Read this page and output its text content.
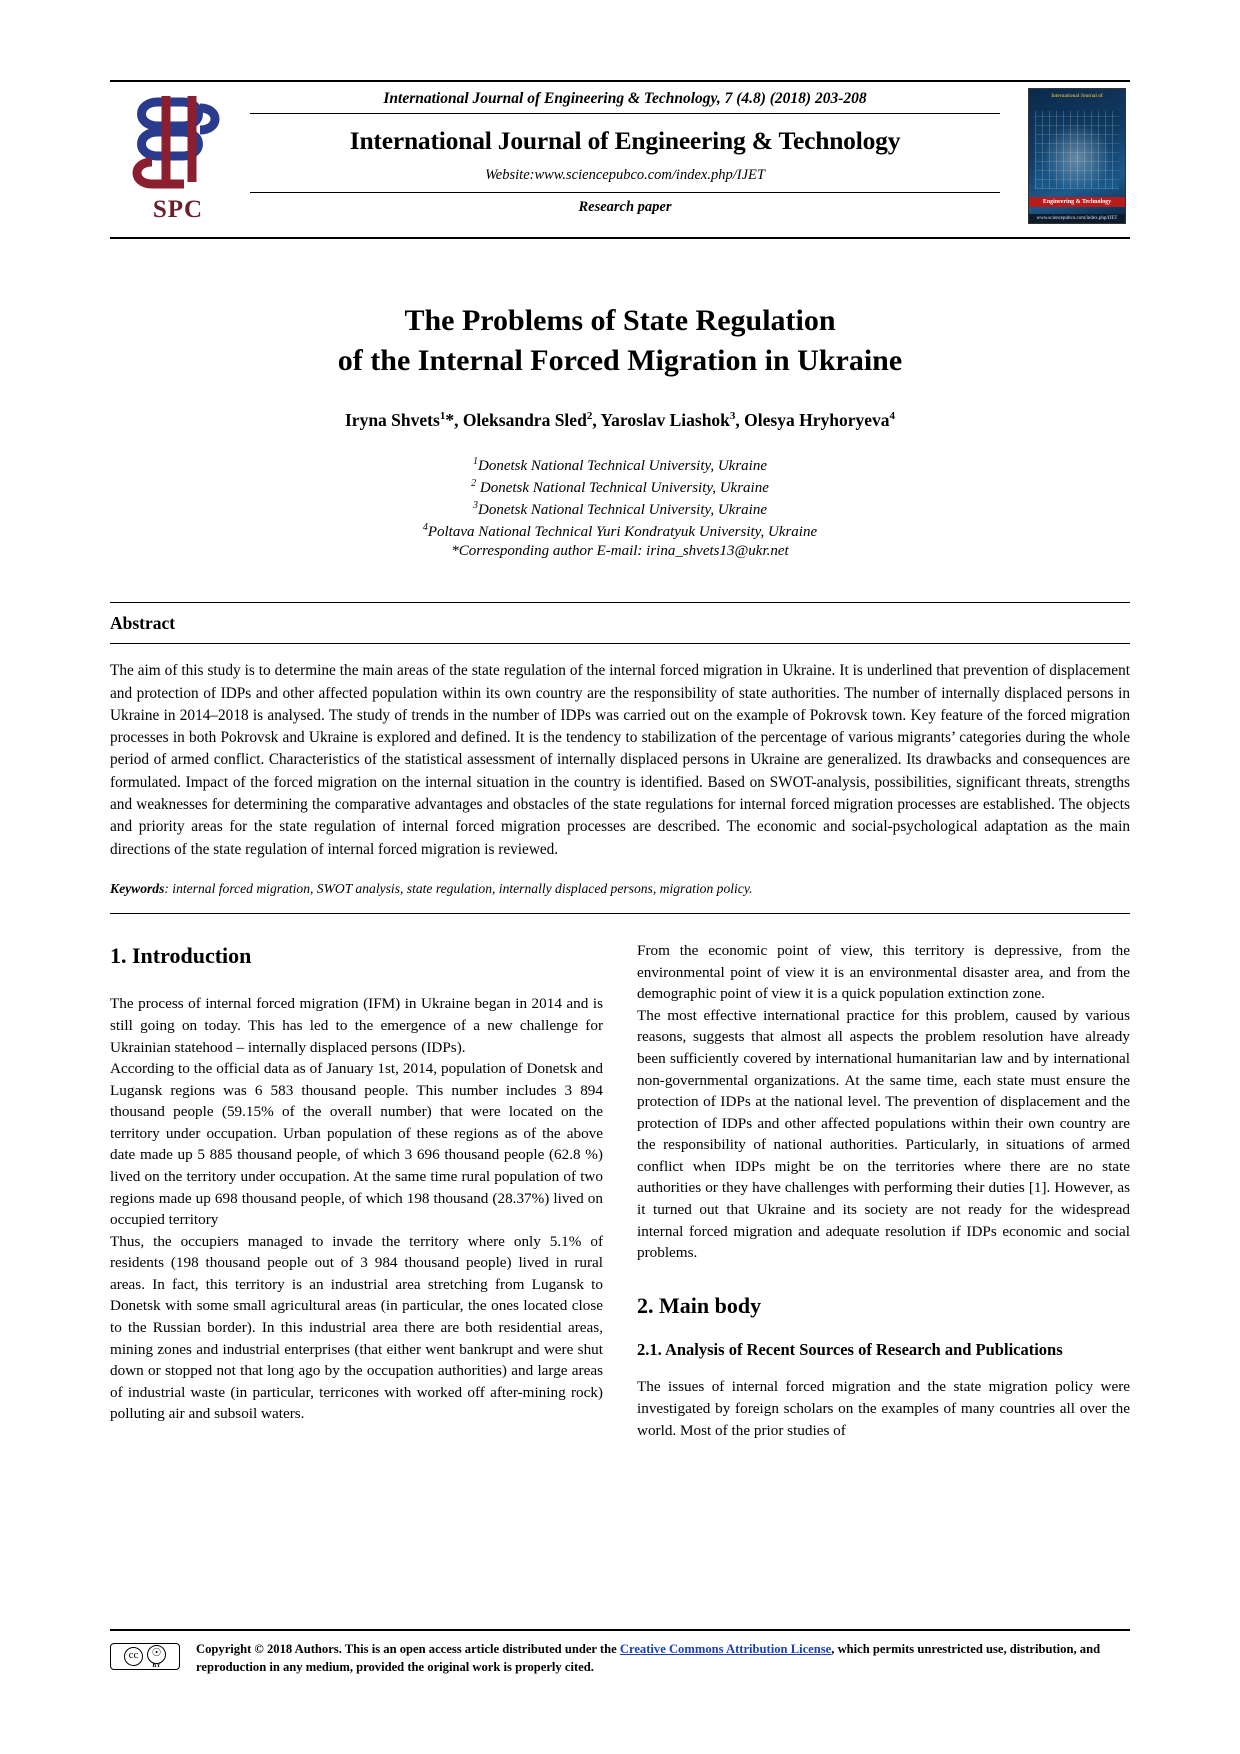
SPC
International Journal of Engineering & Technology, 7 (4.8) (2018) 203-208
International Journal of Engineering & Technology
Website:www.sciencepubco.com/index.php/IJET
Research paper
International Journal of
Engineering & Technology
www.sciencepubco.com/index.php/IJET
The Problems of State Regulation
of the Internal Forced Migration in Ukraine
Iryna Shvets$^1$*, Oleksandra Sled$^2$, Yaroslav Liashok$^3$, Olesya Hryhoryeva$^4$
$^1$Donetsk National Technical University, Ukraine
$^2$ Donetsk National Technical University, Ukraine
$^3$Donetsk National Technical University, Ukraine
$^4$Poltava National Technical Yuri Kondratyuk University, Ukraine
*Corresponding author E-mail: irina_shvets13@ukr.net
Abstract
The aim of this study is to determine the main areas of the state regulation of the internal forced migration in Ukraine. It is underlined that prevention of displacement and protection of IDPs and other affected population within its own country are the responsibility of state authorities. The number of internally displaced persons in Ukraine in 2014–2018 is analysed. The study of trends in the number of IDPs was carried out on the example of Pokrovsk town. Key feature of the forced migration processes in both Pokrovsk and Ukraine is explored and defined. It is the tendency to stabilization of the percentage of various migrants’ categories during the whole period of armed conflict. Characteristics of the statistical assessment of internally displaced persons in Ukraine are generalized. Its drawbacks and consequences are formulated. Impact of the forced migration on the internal situation in the country is identified. Based on SWOT-analysis, possibilities, significant threats, strengths and weaknesses for determining the comparative advantages and obstacles of the state regulations for internal forced migration processes are established. The objects and priority areas for the state regulation of internal forced migration processes are described. The economic and social-psychological adaptation as the main directions of the state regulation of internal forced migration is reviewed.
Keywords: internal forced migration, SWOT analysis, state regulation, internally displaced persons, migration policy.
1. Introduction

The process of internal forced migration (IFM) in Ukraine began in 2014 and is still going on today. This has led to the emergence of a new challenge for Ukrainian statehood – internally displaced persons (IDPs).

According to the official data as of January 1st, 2014, population of Donetsk and Lugansk regions was 6 583 thousand people. This number includes 3 894 thousand people (59.15% of the overall number) that were located on the territory under occupation. Urban population of these regions as of the above date made up 5 885 thousand people, of which 3 696 thousand people (62.8 %) lived on the territory under occupation. At the same time rural population of two regions made up 698 thousand people, of which 198 thousand (28.37%) lived on occupied territory

Thus, the occupiers managed to invade the territory where only 5.1% of residents (198 thousand people out of 3 984 thousand people) lived in rural areas. In fact, this territory is an industrial area stretching from Lugansk to Donetsk with some small agricultural areas (in particular, the ones located close to the Russian border). In this industrial area there are both residential areas, mining zones and industrial enterprises (that either went bankrupt and were shut down or stopped not that long ago by the occupation authorities) and large areas of industrial waste (in particular, terricones with worked off after-mining rock) polluting air and subsoil waters.

From the economic point of view, this territory is depressive, from the environmental point of view it is an environmental disaster area, and from the demographic point of view it is a quick population extinction zone.

The most effective international practice for this problem, caused by various reasons, suggests that almost all aspects the problem resolution have already been sufficiently covered by international humanitarian law and by international non-governmental organizations. At the same time, each state must ensure the protection of IDPs at the national level. The prevention of displacement and the protection of IDPs and other affected populations within their own country are the responsibility of national authorities. Particularly, in situations of armed conflict when IDPs might be on the territories where there are no state authorities or they have challenges with performing their duties [1]. However, as it turned out that Ukraine and its society are not ready for the widespread internal forced migration and adequate resolution if IDPs economic and social problems.

2. Main body
2.1. Analysis of Recent Sources of Research and Publications

The issues of internal forced migration and the state migration policy were investigated by foreign scholars on the examples of many countries all over the world. Most of the prior studies of

cc	☉
BY
Copyright © 2018 Authors. This is an open access article distributed under the Creative Commons Attribution License, which permits unrestricted use, distribution, and reproduction in any medium, provided the original work is properly cited.
